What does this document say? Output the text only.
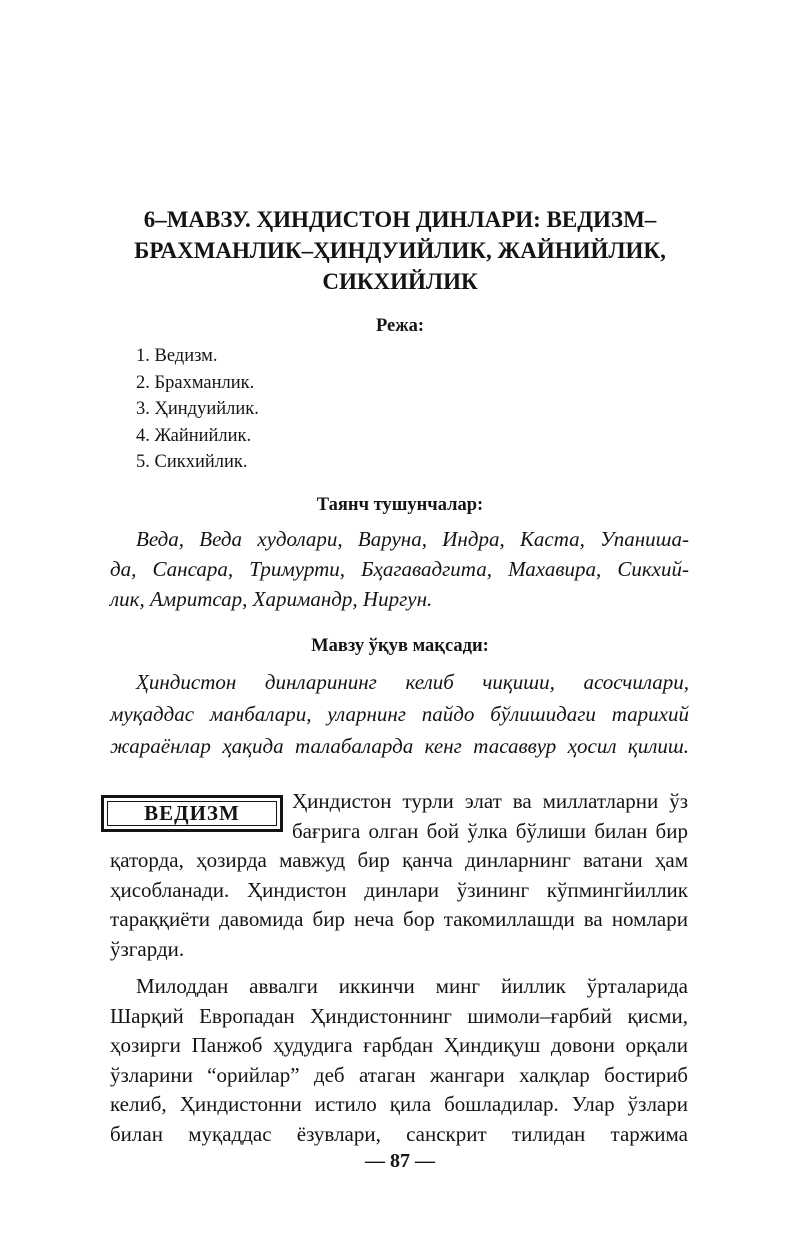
6–МАВЗУ. ҲИНДИСТОН ДИНЛАРИ: ВЕДИЗМ–
БРАХМАНЛИК–ҲИНДУИЙЛИК, ЖАЙНИЙЛИК,
СИКХИЙЛИК
Режа:
1. Ведизм.
2. Брахманлик.
3. Ҳиндуийлик.
4. Жайнийлик.
5. Сикхийлик.
Таянч тушунчалар:
Веда, Веда худолари, Варуна, Индра, Каста, Упаниша-
да, Сансара, Тримурти, Бҳагавадгита, Махавира, Сикхий-
лик, Амритсар, Харимандр, Ниргун.
Мавзу ўқув мақсади:
Ҳиндистон динларининг келиб чиқиши, асосчилари,
муқаддас манбалари, уларнинг пайдо бўлишидаги тарихий
жараёнлар ҳақида талабаларда кенг тасаввур ҳосил қилиш.
ВЕДИЗМ	Ҳиндистон турли элат ва миллатларни ўз
бағрига олган бой ўлка бўлиши билан бир
қаторда, ҳозирда мавжуд бир қанча динларнинг ватани ҳам
ҳисобланади. Ҳиндистон динлари ўзининг кўпмингйиллик
тараққиёти давомида бир неча бор такомиллашди ва номлари
ўзгарди.
Милоддан аввалги иккинчи минг йиллик ўрталарида
Шарқий Европадан Ҳиндистоннинг шимоли–ғарбий қисми,
ҳозирги Панжоб ҳудудига ғарбдан Ҳиндиқуш довони орқали
ўзларини “орийлар” деб атаган жангари халқлар бостириб
келиб, Ҳиндистонни истило қила бошладилар. Улар ўзлари
билан муқаддас ёзувлари, санскрит тилидан таржима
— 87 —
